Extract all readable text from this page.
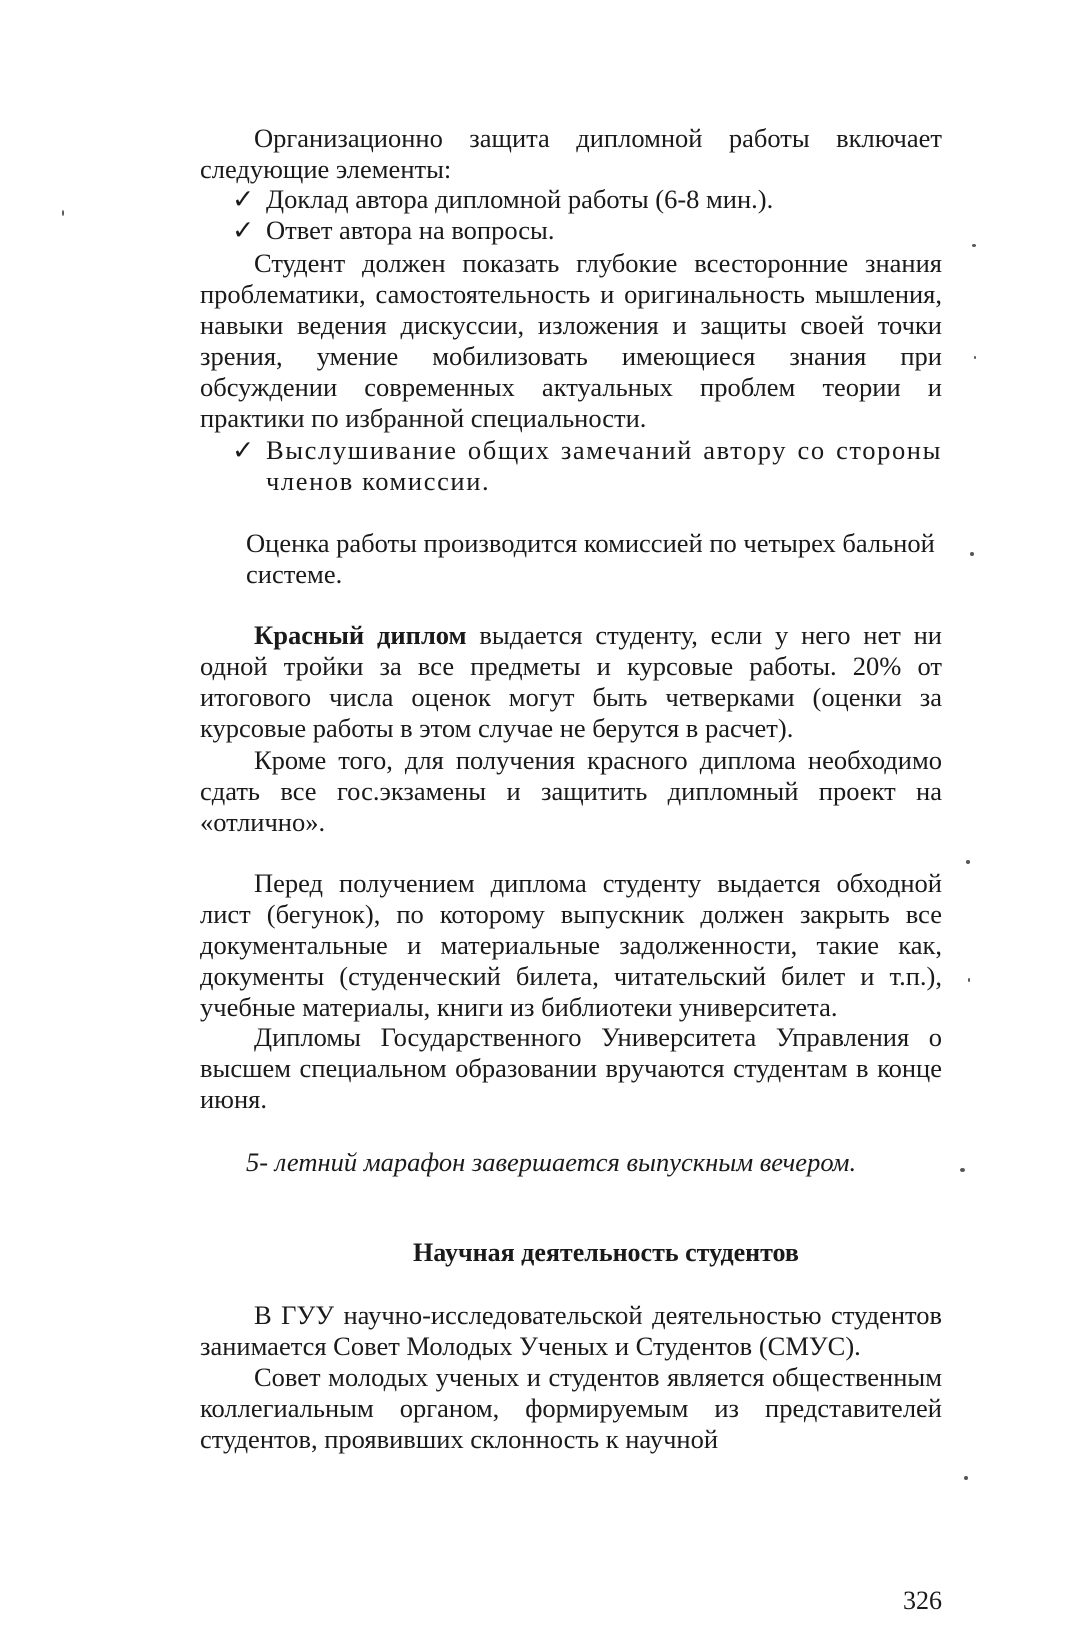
Организационно защита дипломной работы включает следующие элементы:

✓ Доклад автора дипломной работы (6-8 мин.).
✓ Ответ автора на вопросы.

Студент должен показать глубокие всесторонние знания проблематики, самостоятельность и оригинальность мышления, навыки ведения дискуссии, изложения и защиты своей точки зрения, умение мобилизовать имеющиеся знания при обсуждении современных актуальных проблем теории и практики по избранной специальности.

✓ Выслушивание общих замечаний автору со стороны членов комиссии.

Оценка работы производится комиссией по четырех бальной системе.

Красный диплом выдается студенту, если у него нет ни одной тройки за все предметы и курсовые работы. 20% от итогового числа оценок могут быть четверками (оценки за курсовые работы в этом случае не берутся в расчет).

Кроме того, для получения красного диплома необходимо сдать все гос.экзамены и защитить дипломный проект на «отлично».

Перед получением диплома студенту выдается обходной лист (бегунок), по которому выпускник должен закрыть все документальные и материальные задолженности, такие как, документы (студенческий билета, читательский билет и т.п.), учебные материалы, книги из библиотеки университета.

Дипломы Государственного Университета Управления о высшем специальном образовании вручаются студентам в конце июня.

5- летний марафон завершается выпускным вечером.

Научная деятельность студентов

В ГУУ научно-исследовательской деятельностью студентов занимается Совет Молодых Ученых и Студентов (СМУС).

Совет молодых ученых и студентов является общественным коллегиальным органом, формируемым из представителей студентов, проявивших склонность к научной

326
